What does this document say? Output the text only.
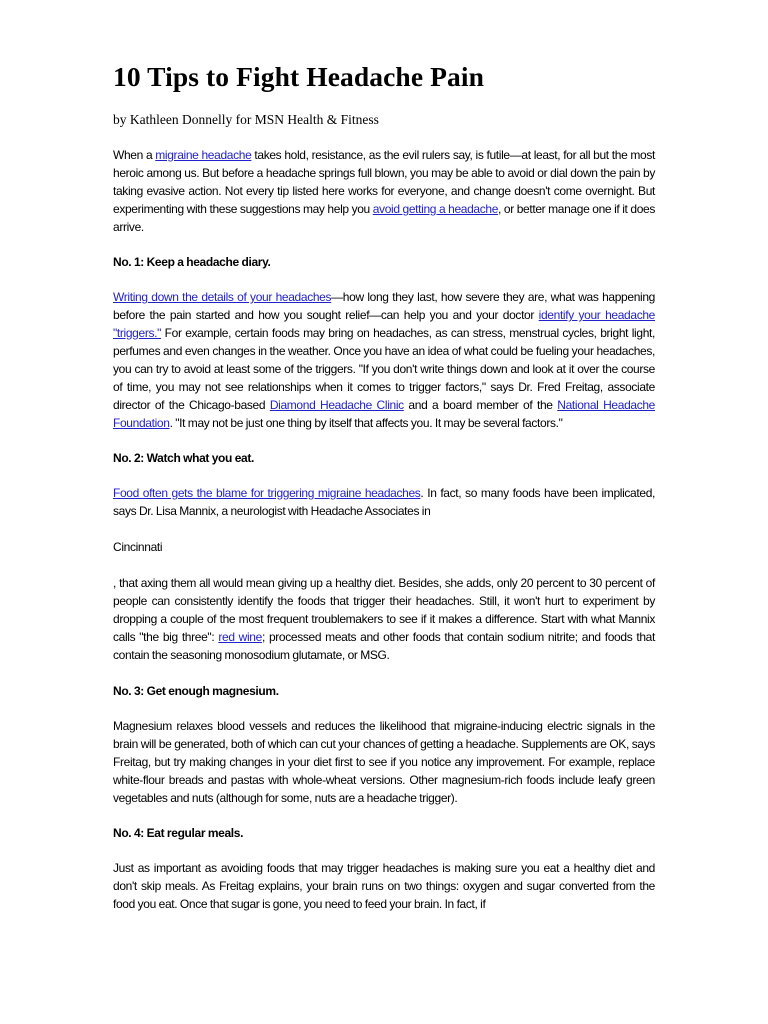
10 Tips to Fight Headache Pain

by Kathleen Donnelly for MSN Health & Fitness

When a migraine headache takes hold, resistance, as the evil rulers say, is futile—at least, for all but the most heroic among us. But before a headache springs full blown, you may be able to avoid or dial down the pain by taking evasive action. Not every tip listed here works for everyone, and change doesn't come overnight. But experimenting with these suggestions may help you avoid getting a headache, or better manage one if it does arrive.

No. 1: Keep a headache diary.

Writing down the details of your headaches—how long they last, how severe they are, what was happening before the pain started and how you sought relief—can help you and your doctor identify your headache "triggers." For example, certain foods may bring on headaches, as can stress, menstrual cycles, bright light, perfumes and even changes in the weather. Once you have an idea of what could be fueling your headaches, you can try to avoid at least some of the triggers. "If you don't write things down and look at it over the course of time, you may not see relationships when it comes to trigger factors," says Dr. Fred Freitag, associate director of the Chicago-based Diamond Headache Clinic and a board member of the National Headache Foundation. "It may not be just one thing by itself that affects you. It may be several factors."

No. 2: Watch what you eat.

Food often gets the blame for triggering migraine headaches. In fact, so many foods have been implicated, says Dr. Lisa Mannix, a neurologist with Headache Associates in

Cincinnati

, that axing them all would mean giving up a healthy diet. Besides, she adds, only 20 percent to 30 percent of people can consistently identify the foods that trigger their headaches. Still, it won't hurt to experiment by dropping a couple of the most frequent troublemakers to see if it makes a difference. Start with what Mannix calls "the big three": red wine; processed meats and other foods that contain sodium nitrite; and foods that contain the seasoning monosodium glutamate, or MSG.

No. 3: Get enough magnesium.

Magnesium relaxes blood vessels and reduces the likelihood that migraine-inducing electric signals in the brain will be generated, both of which can cut your chances of getting a headache. Supplements are OK, says Freitag, but try making changes in your diet first to see if you notice any improvement. For example, replace white-flour breads and pastas with whole-wheat versions. Other magnesium-rich foods include leafy green vegetables and nuts (although for some, nuts are a headache trigger).

No. 4: Eat regular meals.

Just as important as avoiding foods that may trigger headaches is making sure you eat a healthy diet and don't skip meals. As Freitag explains, your brain runs on two things: oxygen and sugar converted from the food you eat. Once that sugar is gone, you need to feed your brain. In fact, if
